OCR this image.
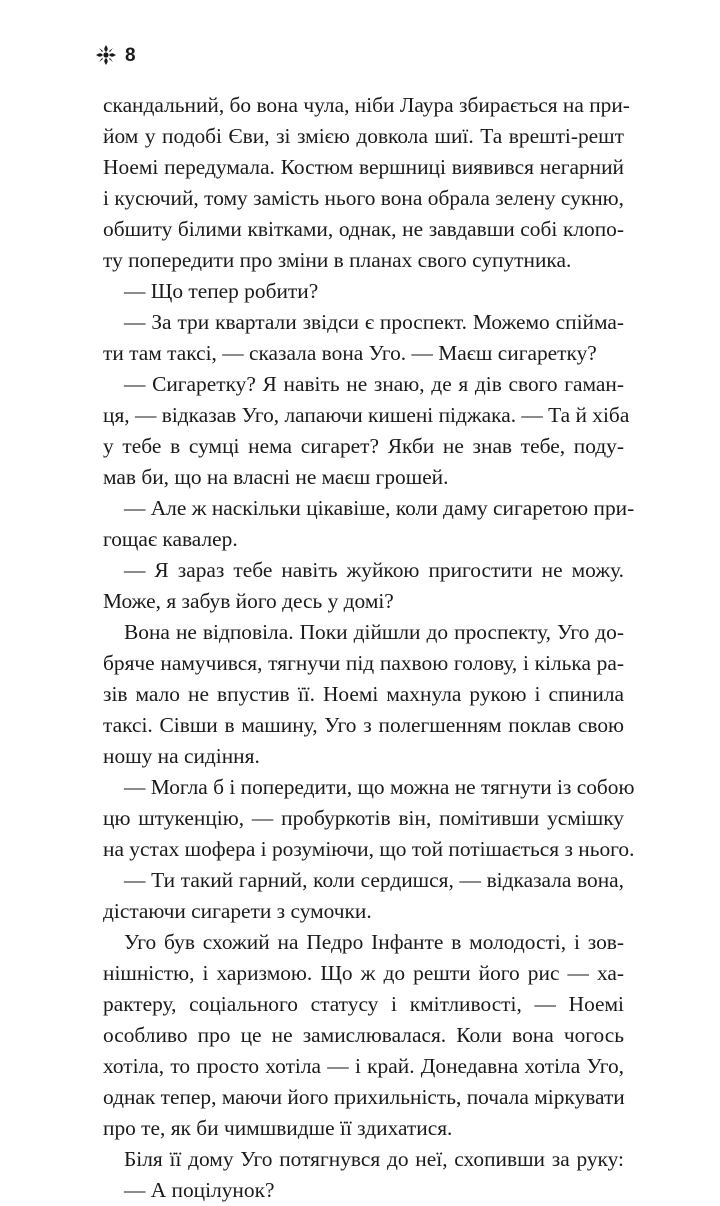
8
скандальний, бо вона чула, ніби Лаура збирається на при-
йом у подобі Єви, зі змією довкола шиї. Та врешті-решт
Ноемі передумала. Костюм вершниці виявився негарний
і кусючий, тому замість нього вона обрала зелену сукню,
обшиту білими квітками, однак, не завдавши собі клопо-
ту попередити про зміни в планах свого супутника.
— Що тепер робити?
— За три квартали звідси є проспект. Можемо спійма-
ти там таксі, — сказала вона Уго. — Маєш сигаретку?
— Сигаретку? Я навіть не знаю, де я дів свого гаман-
ця, — відказав Уго, лапаючи кишені піджака. — Та й хіба
у тебе в сумці нема сигарет? Якби не знав тебе, поду-
мав би, що на власні не маєш грошей.
— Але ж наскільки цікавіше, коли даму сигаретою при-
гощає кавалер.
— Я зараз тебе навіть жуйкою пригостити не можу.
Може, я забув його десь у домі?
Вона не відповіла. Поки дійшли до проспекту, Уго до-
бряче намучився, тягнучи під пахвою голову, і кілька ра-
зів мало не впустив її. Ноемі махнула рукою і спинила
таксі. Сівши в машину, Уго з полегшенням поклав свою
ношу на сидіння.
— Могла б і попередити, що можна не тягнути із собою
цю штукенцію, — пробуркотів він, помітивши усмішку
на устах шофера і розуміючи, що той потішається з нього.
— Ти такий гарний, коли сердишся, — відказала вона,
дістаючи сигарети з сумочки.
Уго був схожий на Педро Інфанте в молодості, і зов-
нішністю, і харизмою. Що ж до решти його рис — ха-
рактеру, соціального статусу і кмітливості, — Ноемі
особливо про це не замислювалася. Коли вона чогось
хотіла, то просто хотіла — і край. Донедавна хотіла Уго,
однак тепер, маючи його прихильність, почала міркувати
про те, як би чимшвидше її здихатися.
Біля її дому Уго потягнувся до неї, схопивши за руку:
— А поцілунок?
